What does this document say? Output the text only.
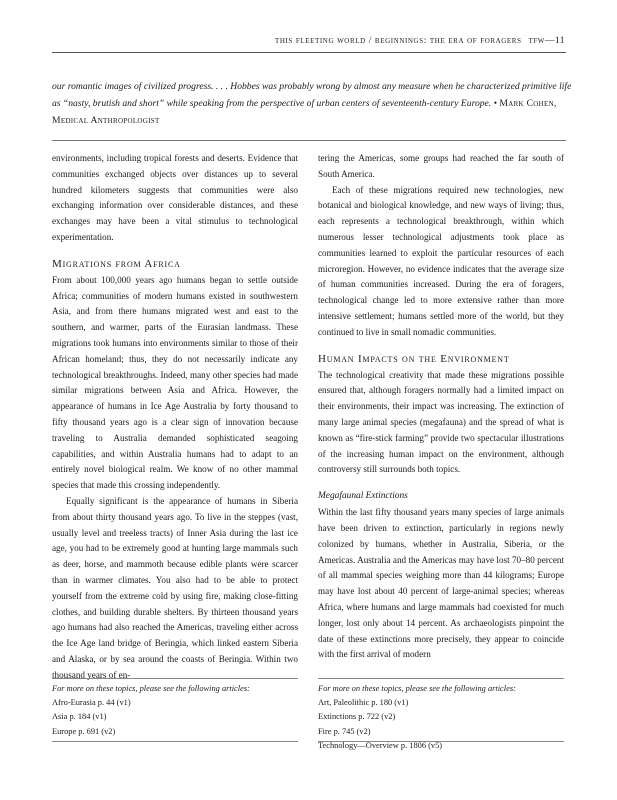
this fleeting world / beginnings: the era of foragers tfw—11
our romantic images of civilized progress. . . . Hobbes was probably wrong by almost any measure when he characterized primitive life as “nasty, brutish and short” while speaking from the perspective of urban centers of seventeenth-century Europe. • Mark Cohen, Medical Anthropologist

environments, including tropical forests and deserts. Evidence that communities exchanged objects over distances up to several hundred kilometers suggests that communities were also exchanging information over considerable distances, and these exchanges may have been a vital stimulus to technological experimentation.

Migrations from Africa

From about 100,000 years ago humans began to settle outside Africa; communities of modern humans existed in southwestern Asia, and from there humans migrated west and east to the southern, and warmer, parts of the Eurasian landmass. These migrations took humans into environments similar to those of their African homeland; thus, they do not necessarily indicate any technological breakthroughs. Indeed, many other species had made similar migrations between Asia and Africa. However, the appearance of humans in Ice Age Australia by forty thousand to fifty thousand years ago is a clear sign of innovation because traveling to Australia demanded sophisticated seagoing capabilities, and within Australia humans had to adapt to an entirely novel biological realm. We know of no other mammal species that made this crossing independently.

Equally significant is the appearance of humans in Siberia from about thirty thousand years ago. To live in the steppes (vast, usually level and treeless tracts) of Inner Asia during the last ice age, you had to be extremely good at hunting large mammals such as deer, horse, and mammoth because edible plants were scarcer than in warmer climates. You also had to be able to protect yourself from the extreme cold by using fire, making close-fitting clothes, and building durable shelters. By thirteen thousand years ago humans had also reached the Americas, traveling either across the Ice Age land bridge of Beringia, which linked eastern Siberia and Alaska, or by sea around the coasts of Beringia. Within two thousand years of en-

tering the Americas, some groups had reached the far south of South America.

Each of these migrations required new technologies, new botanical and biological knowledge, and new ways of living; thus, each represents a technological breakthrough, within which numerous lesser technological adjustments took place as communities learned to exploit the particular resources of each microregion. However, no evidence indicates that the average size of human communities increased. During the era of foragers, technological change led to more extensive rather than more intensive settlement; humans settled more of the world, but they continued to live in small nomadic communities.

Human Impacts on the Environment

The technological creativity that made these migrations possible ensured that, although foragers normally had a limited impact on their environments, their impact was increasing. The extinction of many large animal species (megafauna) and the spread of what is known as “fire-stick farming” provide two spectacular illustrations of the increasing human impact on the environment, although controversy still surrounds both topics.

Megafaunal Extinctions

Within the last fifty thousand years many species of large animals have been driven to extinction, particularly in regions newly colonized by humans, whether in Australia, Siberia, or the Americas. Australia and the Americas may have lost 70–80 percent of all mammal species weighing more than 44 kilograms; Europe may have lost about 40 percent of large-animal species; whereas Africa, where humans and large mammals had coexisted for much longer, lost only about 14 percent. As archaeologists pinpoint the date of these extinctions more precisely, they appear to coincide with the first arrival of modern

For more on these topics, please see the following articles:
Afro-Eurasia p. 44 (v1)
Asia p. 184 (v1)
Europe p. 691 (v2)
For more on these topics, please see the following articles:
Art, Paleolithic p. 180 (v1)
Extinctions p. 722 (v2)
Fire p. 745 (v2)
Technology—Overview p. 1806 (v5)
